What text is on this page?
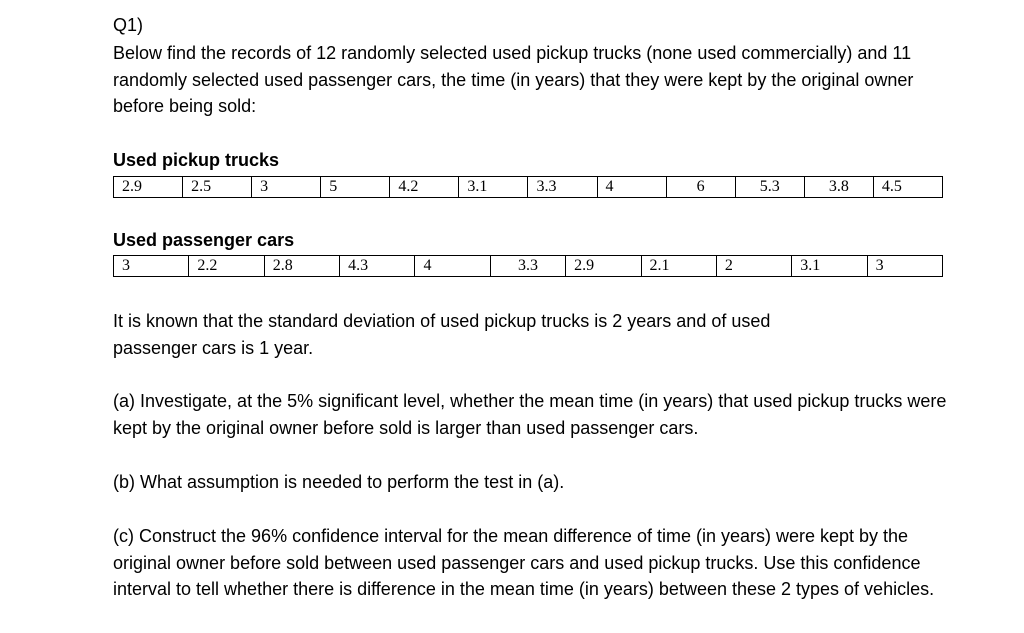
Q1)

Below find the records of 12 randomly selected used pickup trucks (none used commercially) and 11 randomly selected used passenger cars, the time (in years) that they were kept by the original owner before being sold:

Used pickup trucks

2.9	2.5	3	5	4.2	3.1	3.3	4	6	5.3	3.8	4.5

Used passenger cars

3	2.2	2.8	4.3	4	3.3	2.9	2.1	2	3.1	3

It is known that the standard deviation of used pickup trucks is 2 years and of used passenger cars is 1 year.

(a) Investigate, at the 5% significant level, whether the mean time (in years) that used pickup trucks were kept by the original owner before sold is larger than used passenger cars.

(b) What assumption is needed to perform the test in (a).

(c) Construct the 96% confidence interval for the mean difference of time (in years) were kept by the original owner before sold between used passenger cars and used pickup trucks. Use this confidence interval to tell whether there is difference in the mean time (in years) between these 2 types of vehicles.
